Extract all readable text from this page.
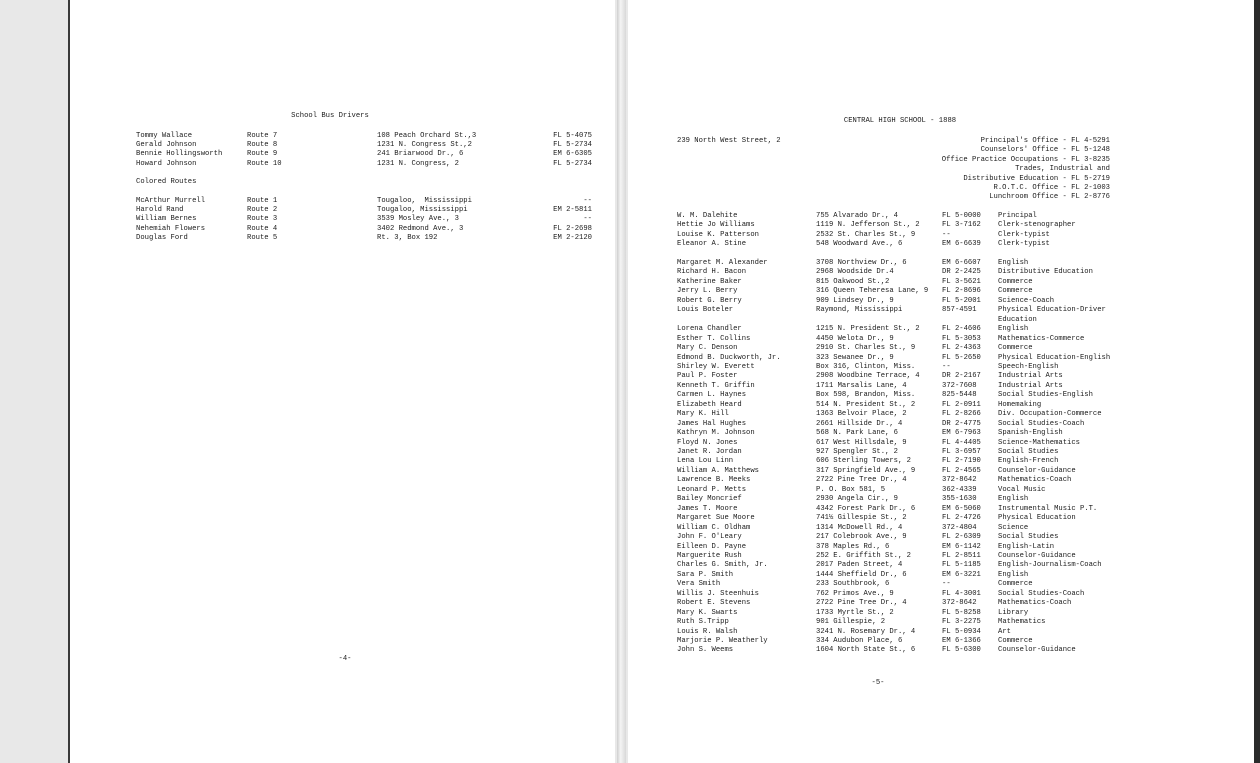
School Bus Drivers
Tommy Wallace	Route 7	108 Peach Orchard St.,3	FL 5-4075
Gerald Johnson	Route 8	1231 N. Congress St.,2	FL 5-2734
Bennie Hollingsworth	Route 9	241 Briarwood Dr., 6	EM 6-6305
Howard Johnson	Route 10	1231 N. Congress, 2	FL 5-2734
Colored Routes
McArthur Murrell	Route 1	Tougaloo,  Mississippi	--
Harold Rand	Route 2	Tougaloo, Mississippi	EM 2-5811
William Bernes	Route 3	3539 Mosley Ave., 3	--
Nehemiah Flowers	Route 4	3402 Redmond Ave., 3	FL 2-2698
Douglas Ford	Route 5	Rt. 3, Box 192	EM 2-2120
-4-
CENTRAL HIGH SCHOOL - 1888
239 North West Street, 2	Principal's Office - FL 4-5291
Counselors' Office - FL 5-1248
Office Practice Occupations - FL 3-8235
Trades, Industrial and
Distributive Education - FL 5-2719
R.O.T.C. Office - FL 2-1003
Lunchroom Office - FL 2-8776
W. M. Dalehite	755 Alvarado Dr., 4	FL 5-0000 Principal
Hettie Jo Williams	1119 N. Jefferson St., 2	FL 3-7162 Clerk-stenographer
Louise K. Patterson	2532 St. Charles St., 9	--	Clerk-typist
Eleanor A. Stine	548 Woodward Ave., 6	EM 6-6639 Clerk-typist
Margaret M. Alexander	3708 Northview Dr., 6	EM 6-6607 English
Richard H. Bacon	2968 Woodside Dr.4	DR 2-2425 Distributive Education
Katherine Baker	815 Oakwood St.,2	FL 3-5621 Commerce
Jerry L. Berry	316 Queen Teheresa Lane, 9 FL 2-8696 Commerce
Robert G. Berry	909 Lindsey Dr., 9	FL 5-2001 Science-Coach
Louis Boteler	Raymond, Mississippi	857-4591	Physical Education-Driver
Education
Lorena Chandler	1215 N. President St., 2	FL 2-4606 English
Esther T. Collins	4450 Welota Dr., 9	FL 5-3053 Mathematics-Commerce
Mary C. Denson	2910 St. Charles St., 9	FL 2-4363 Commerce
Edmond B. Duckworth, Jr.	323 Sewanee Dr., 9	FL 5-2650 Physical Education-English
Shirley W. Everett	Box 316, Clinton, Miss.	--	Speech-English
Paul P. Foster	2908 Woodbine Terrace, 4	DR 2-2167 Industrial Arts
Kenneth T. Griffin	1711 Marsalis Lane, 4	372-7608	Industrial Arts
Carmen L. Haynes	Box 598, Brandon, Miss.	825-5448	Social Studies-English
Elizabeth Heard	514 N. President St., 2	FL 2-0911 Homemaking
Mary K. Hill	1363 Belvoir Place, 2	FL 2-8266 Div. Occupation-Commerce
James Hal Hughes	2661 Hillside Dr., 4	DR 2-4775 Social Studies-Coach
Kathryn M. Johnson	568 N. Park Lane, 6	EM 6-7963 Spanish-English
Floyd N. Jones	617 West Hillsdale, 9	FL 4-4405 Science-Mathematics
Janet R. Jordan	927 Spengler St., 2	FL 3-6957 Social Studies
Lena Lou Linn	606 Sterling Towers, 2	FL 2-7190 English-French
William A. Matthews	317 Springfield Ave., 9	FL 2-4565 Counselor-Guidance
Lawrence B. Meeks	2722 Pine Tree Dr., 4	372-8642	Mathematics-Coach
Leonard P. Metts	P. O. Box 581, 5	362-4339	Vocal Music
Bailey Moncrief	2930 Angela Cir., 9	355-1630	English
James T. Moore	4342 Forest Park Dr., 6	EM 6-5060 Instrumental Music P.T.
Margaret Sue Moore	741½ Gillespie St., 2	FL 2-4726 Physical Education
William C. Oldham	1314 McDowell Rd., 4	372-4804	Science
John F. O'Leary	217 Colebrook Ave., 9	FL 2-6309 Social Studies
Eilleen D. Payne	378 Maples Rd., 6	EM 6-1142 English-Latin
Marguerite Rush	252 E. Griffith St., 2	FL 2-8511 Counselor-Guidance
Charles G. Smith, Jr.	2017 Paden Street, 4	FL 5-1185 English-Journalism-Coach
Sara P. Smith	1444 Sheffield Dr., 6	EM 6-3221 English
Vera Smith	233 Southbrook, 6	--	Commerce
Willis J. Steenhuis	762 Primos Ave., 9	FL 4-3001 Social Studies-Coach
Robert E. Stevens	2722 Pine Tree Dr., 4	372-8642	Mathematics-Coach
Mary K. Swarts	1733 Myrtle St., 2	FL 5-8258 Library
Ruth S.Tripp	901 Gillespie, 2	FL 3-2275 Mathematics
Louis R. Walsh	3241 N. Rosemary Dr., 4	FL 5-0934 Art
Marjorie P. Weatherly	334 Audubon Place, 6	EM 6-1366 Commerce
John S. Weems	1604 North State St., 6	FL 5-6300 Counselor-Guidance
-5-
